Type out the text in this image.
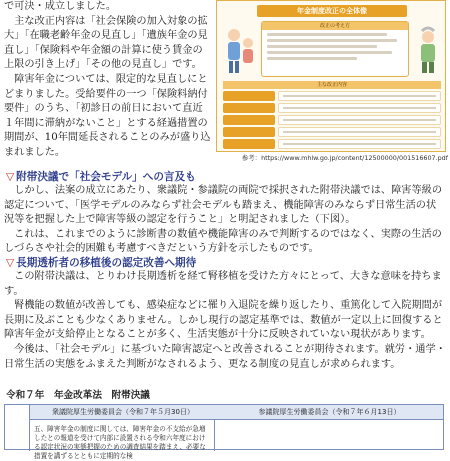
で可決・成立しました。

　主な改正内容は「社会保険の加入対象の拡大」「在職老齢年金の見直し」「遺族年金の見直し」「保険料や年金額の計算に使う賃金の上限の引き上げ」「その他の見直し」です。

　障害年金については、限定的な見直しにとどまりました。受給要件の一つ「保険料納付要件」のうち、「初診日の前日において直近１年間に滞納がないこと」とする経過措置の期間が、10年間延長されることのみが盛り込まれました。

年金制度改正の全体像
改正の考え方
主な改正内容
参考：https://www.mhlw.go.jp/content/12500000/001516607.pdf
▽ 附帯決議で「社会モデル」への言及も

　しかし、法案の成立にあたり、衆議院・参議院の両院で採択された附帯決議では、障害等級の認定について、「医学モデルのみならず社会モデルも踏まえ、機能障害のみならず日常生活の状況等を把握した上で障害等級の認定を行うこと」と明記されました（下図）。

　これは、これまでのように診断書の数値や機能障害のみで判断するのではなく、実際の生活のしづらさや社会的困難も考慮すべきだという方針を示したものです。

▽ 長期透析者の移植後の認定改善へ期待

　この附帯決議は、とりわけ長期透析を経て腎移植を受けた方々にとって、大きな意味を持ちます。

　腎機能の数値が改善しても、感染症などに罹り入退院を繰り返したり、重篤化して入院期間が長期に及ぶことも少なくありません。しかし現行の認定基準では、数値が一定以上に回復すると障害年金が支給停止となることが多く、生活実態が十分に反映されていない現状があります。

　今後は、「社会モデル」に基づいた障害認定へと改善されることが期待されます。就労・通学・日常生活の実態をふまえた判断がなされるよう、更なる制度の見直しが求められます。

令和７年　年金改革法　附帯決議
衆議院厚生労働委員会（令和７年５月30日）	参議院厚生労働委員会（令和７年６月13日）
五、障害年金の制度に関しては、障害年金の不支給が急増したとの報道を受けて内部に設置される令和六年度における認定状況の実態把握のための調査結果を踏まえ、必要な措置を講ずるとともに定期的な検
